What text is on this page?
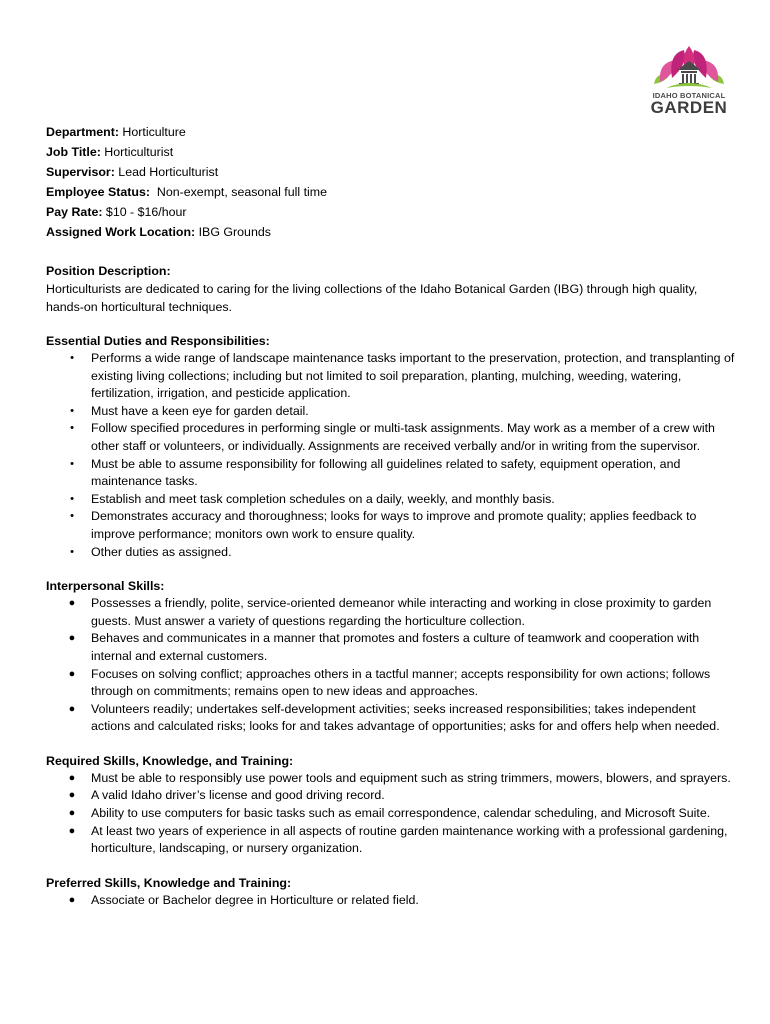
IDAHO BOTANICAL
GARDEN

Department: Horticulture

Job Title: Horticulturist

Supervisor: Lead Horticulturist

Employee Status:  Non-exempt, seasonal full time

Pay Rate: $10 - $16/hour

Assigned Work Location: IBG Grounds

Position Description:

Horticulturists are dedicated to caring for the living collections of the Idaho Botanical Garden (IBG) through high quality, hands-on horticultural techniques.

Essential Duties and Responsibilities:

•	Performs a wide range of landscape maintenance tasks important to the preservation, protection, and transplanting of existing living collections; including but not limited to soil preparation, planting, mulching, weeding, watering, fertilization, irrigation, and pesticide application.
•	Must have a keen eye for garden detail.
•	Follow specified procedures in performing single or multi-task assignments. May work as a member of a crew with other staff or volunteers, or individually. Assignments are received verbally and/or in writing from the supervisor.
•	Must be able to assume responsibility for following all guidelines related to safety, equipment operation, and maintenance tasks.
•	Establish and meet task completion schedules on a daily, weekly, and monthly basis.
•	Demonstrates accuracy and thoroughness; looks for ways to improve and promote quality; applies feedback to improve performance; monitors own work to ensure quality.
•	Other duties as assigned.

Interpersonal Skills:

● Possesses a friendly, polite, service-oriented demeanor while interacting and working in close proximity to garden guests. Must answer a variety of questions regarding the horticulture collection.
● Behaves and communicates in a manner that promotes and fosters a culture of teamwork and cooperation with internal and external customers.
● Focuses on solving conflict; approaches others in a tactful manner; accepts responsibility for own actions; follows through on commitments; remains open to new ideas and approaches.
● Volunteers readily; undertakes self-development activities; seeks increased responsibilities; takes independent actions and calculated risks; looks for and takes advantage of opportunities; asks for and offers help when needed.

Required Skills, Knowledge, and Training:

● Must be able to responsibly use power tools and equipment such as string trimmers, mowers, blowers, and sprayers.
● A valid Idaho driver’s license and good driving record.
● Ability to use computers for basic tasks such as email correspondence, calendar scheduling, and Microsoft Suite.
● At least two years of experience in all aspects of routine garden maintenance working with a professional gardening, horticulture, landscaping, or nursery organization.

Preferred Skills, Knowledge and Training:

● Associate or Bachelor degree in Horticulture or related field.
